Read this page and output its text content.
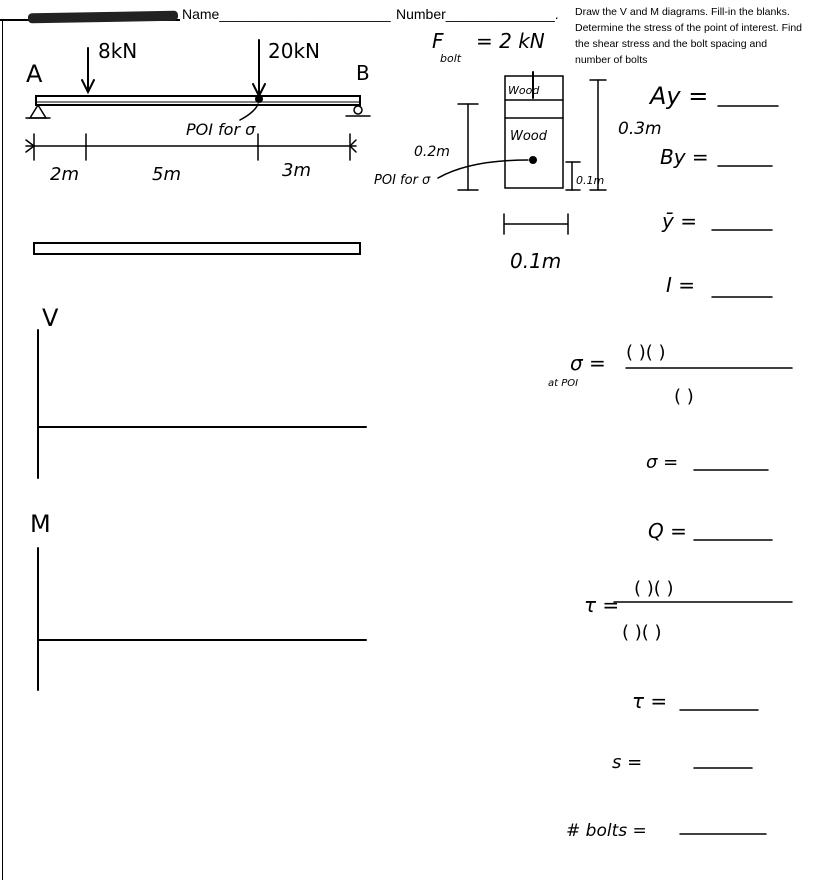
Name______________________ Number______________. Draw the V and M diagrams. Fill-in the blanks. Determine the stress of the point of interest. Find the shear stress and the bolt spacing and number of bolts
A	B
8kN	20kN
POI for σ
2m	5m	3m
V
M
F
bolt
= 2 kN
Wood
Wood	0.3m
0.2m
POI for σ	0.1m
0.1m
Ay =
By =
ȳ =
I =
σ =
at POI
( )( )
( )
σ =
Q =
τ =
( )( )
( )( )
τ =
s =
# bolts =
